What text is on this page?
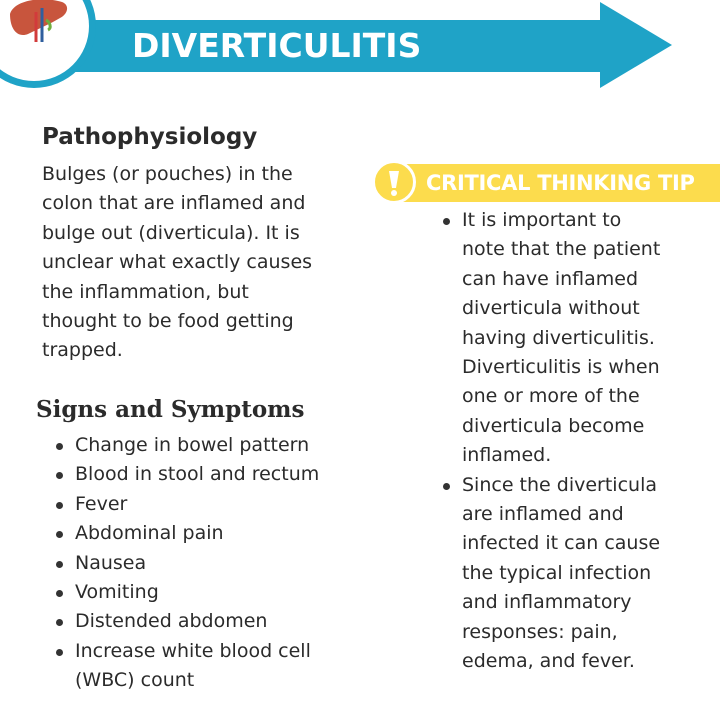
DIVERTICULITIS
Pathophysiology
Bulges (or pouches) in the
colon that are inflamed and
bulge out (diverticula). It is
unclear what exactly causes
the inflammation, but
thought to be food getting
trapped.
Signs and Symptoms
Change in bowel pattern
Blood in stool and rectum
Fever
Abdominal pain
Nausea
Vomiting
Distended abdomen
Increase white blood cell
(WBC) count
CRITICAL THINKING TIP
It is important to
note that the patient
can have inflamed
diverticula without
having diverticulitis.
Diverticulitis is when
one or more of the
diverticula become
inflamed.
Since the diverticula
are inflamed and
infected it can cause
the typical infection
and inflammatory
responses: pain,
edema, and fever.
